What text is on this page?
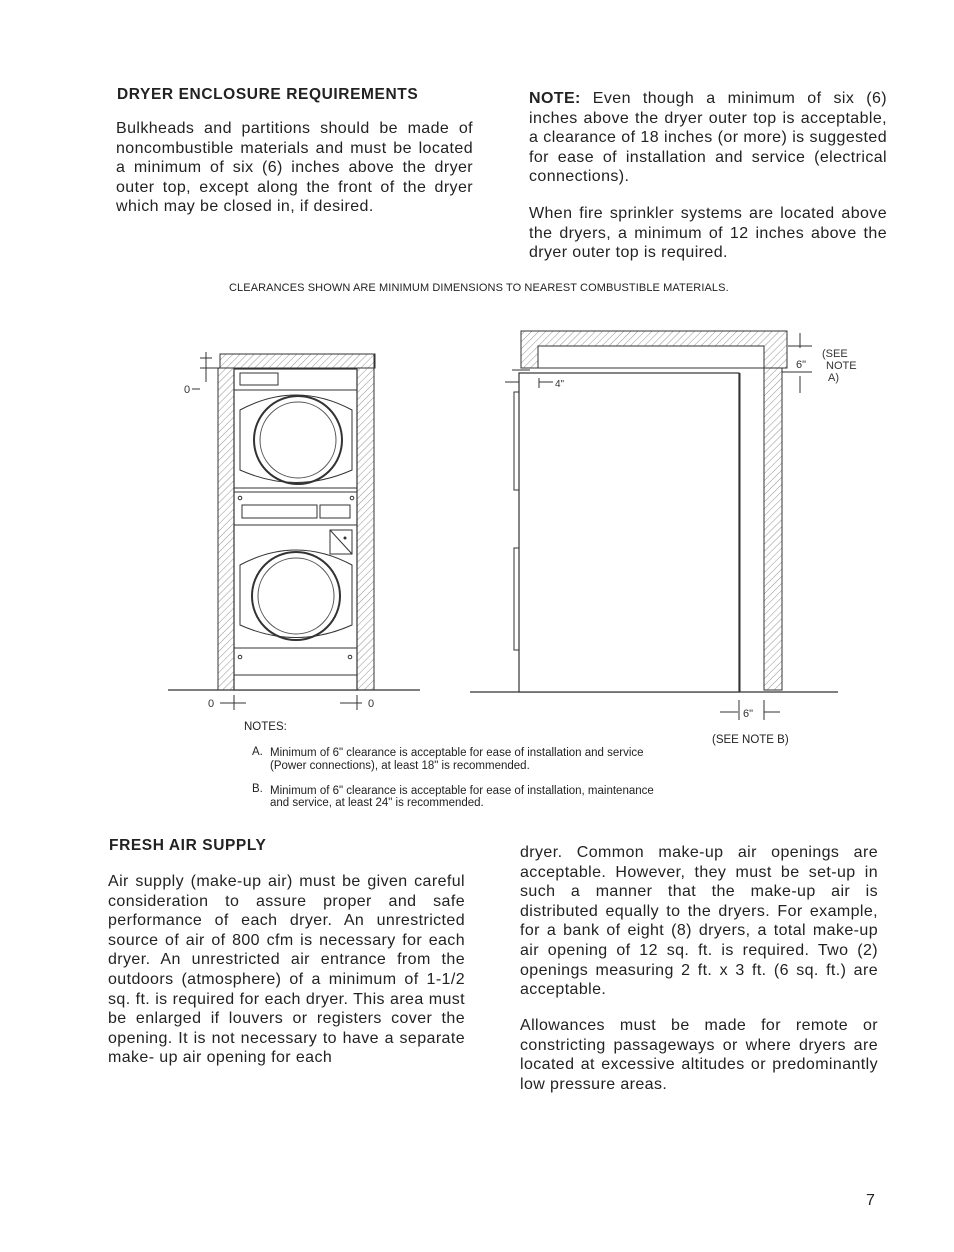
DRYER ENCLOSURE REQUIREMENTS
Bulkheads and partitions should be made of noncombustible materials and must be located a minimum of six (6) inches above the dryer outer top, except along the front of the dryer which may be closed in, if desired.
NOTE: Even though a minimum of six (6) inches above the dryer outer top is acceptable, a clearance of 18 inches (or more) is suggested for ease of installation and service (electrical connections).
When fire sprinkler systems are located above the dryers, a minimum of 12 inches above the dryer outer top is required.
CLEARANCES SHOWN ARE MINIMUM DIMENSIONS TO NEAREST COMBUSTIBLE MATERIALS.
0
0	0
4"
6"
(SEE
NOTE
A)
6"
(SEE NOTE B)
NOTES:
A. Minimum of 6" clearance is acceptable for ease of installation and service
(Power connections), at least 18" is recommended.
B. Minimum of 6" clearance is acceptable for ease of installation, maintenance
and service, at least 24" is recommended.
FRESH AIR SUPPLY
Air supply (make-up air) must be given careful consideration to assure proper and safe performance of each dryer. An unrestricted source of air of 800 cfm is necessary for each dryer. An unrestricted air entrance from the outdoors (atmosphere) of a minimum of 1-1/2 sq. ft. is required for each dryer. This area must be enlarged if louvers or registers cover the opening. It is not necessary to have a separate make- up air opening for each
dryer. Common make-up air openings are acceptable. However, they must be set-up in such a manner that the make-up air is distributed equally to the dryers. For example, for a bank of eight (8) dryers, a total make-up air opening of 12 sq. ft. is required. Two (2) openings measuring 2 ft. x 3 ft. (6 sq. ft.) are acceptable.
Allowances must be made for remote or constricting passageways or where dryers are located at excessive altitudes or predominantly low pressure areas.
7
